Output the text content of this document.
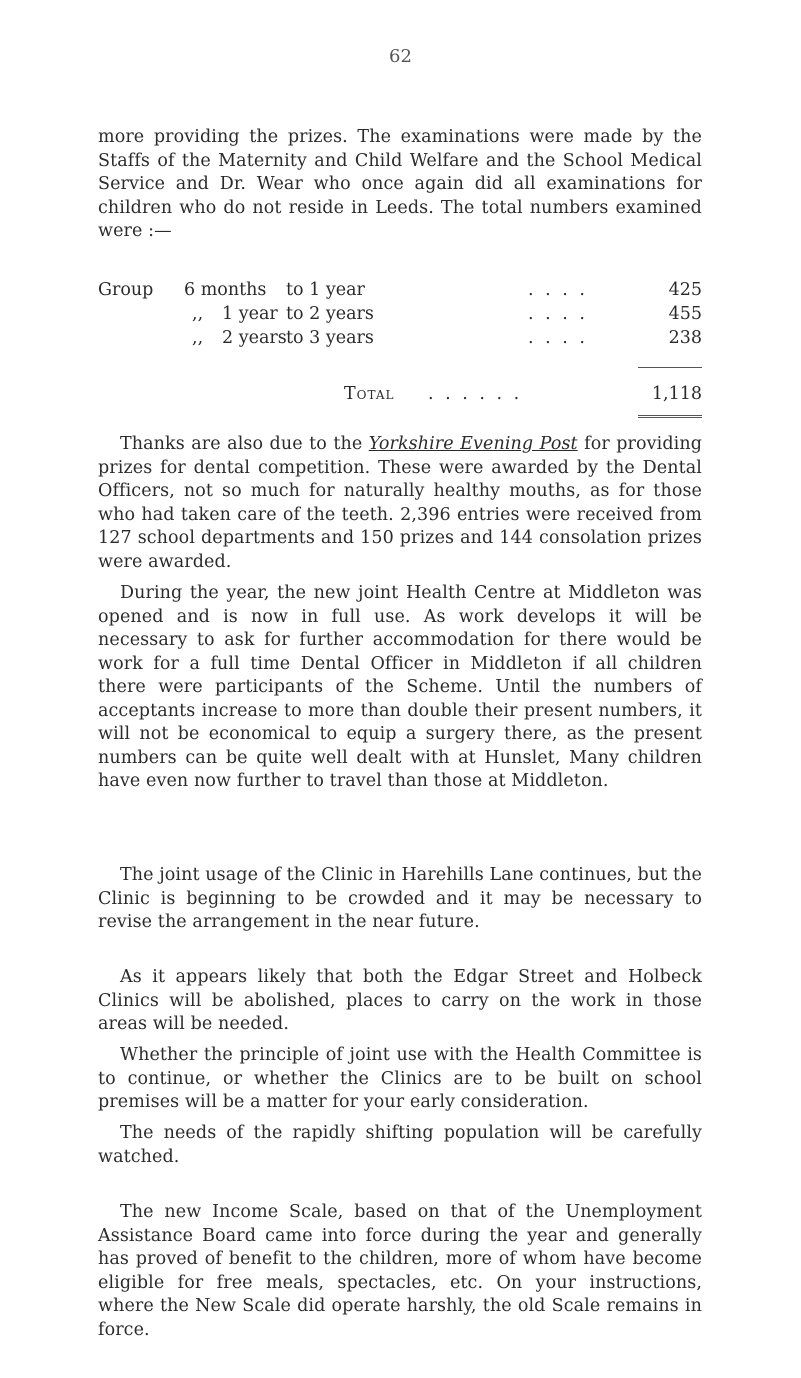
62

more providing the prizes. The examinations were made by the Staffs of the Maternity and Child Welfare and the School Medical Service and Dr. Wear who once again did all examinations for children who do not reside in Leeds. The total numbers examined were :—

Group 6 months to 1 year	. . . .	425
,, 1 year to 2 years	. . . .	455
,, 2 years to 3 years	. . . .	238
Total . . . . . .	1,118

Thanks are also due to the Yorkshire Evening Post for providing prizes for dental competition. These were awarded by the Dental Officers, not so much for naturally healthy mouths, as for those who had taken care of the teeth. 2,396 entries were received from 127 school departments and 150 prizes and 144 consolation prizes were awarded.

During the year, the new joint Health Centre at Middleton was opened and is now in full use. As work develops it will be necessary to ask for further accommodation for there would be work for a full time Dental Officer in Middleton if all children there were participants of the Scheme. Until the numbers of acceptants increase to more than double their present numbers, it will not be economical to equip a surgery there, as the present numbers can be quite well dealt with at Hunslet, Many children have even now further to travel than those at Middleton.

The joint usage of the Clinic in Harehills Lane continues, but the Clinic is beginning to be crowded and it may be necessary to revise the arrangement in the near future.

As it appears likely that both the Edgar Street and Holbeck Clinics will be abolished, places to carry on the work in those areas will be needed.

Whether the principle of joint use with the Health Committee is to continue, or whether the Clinics are to be built on school premises will be a matter for your early consideration.

The needs of the rapidly shifting population will be carefully watched.

The new Income Scale, based on that of the Unemployment Assistance Board came into force during the year and generally has proved of benefit to the children, more of whom have become eligible for free meals, spectacles, etc. On your instructions, where the New Scale did operate harshly, the old Scale remains in force.
